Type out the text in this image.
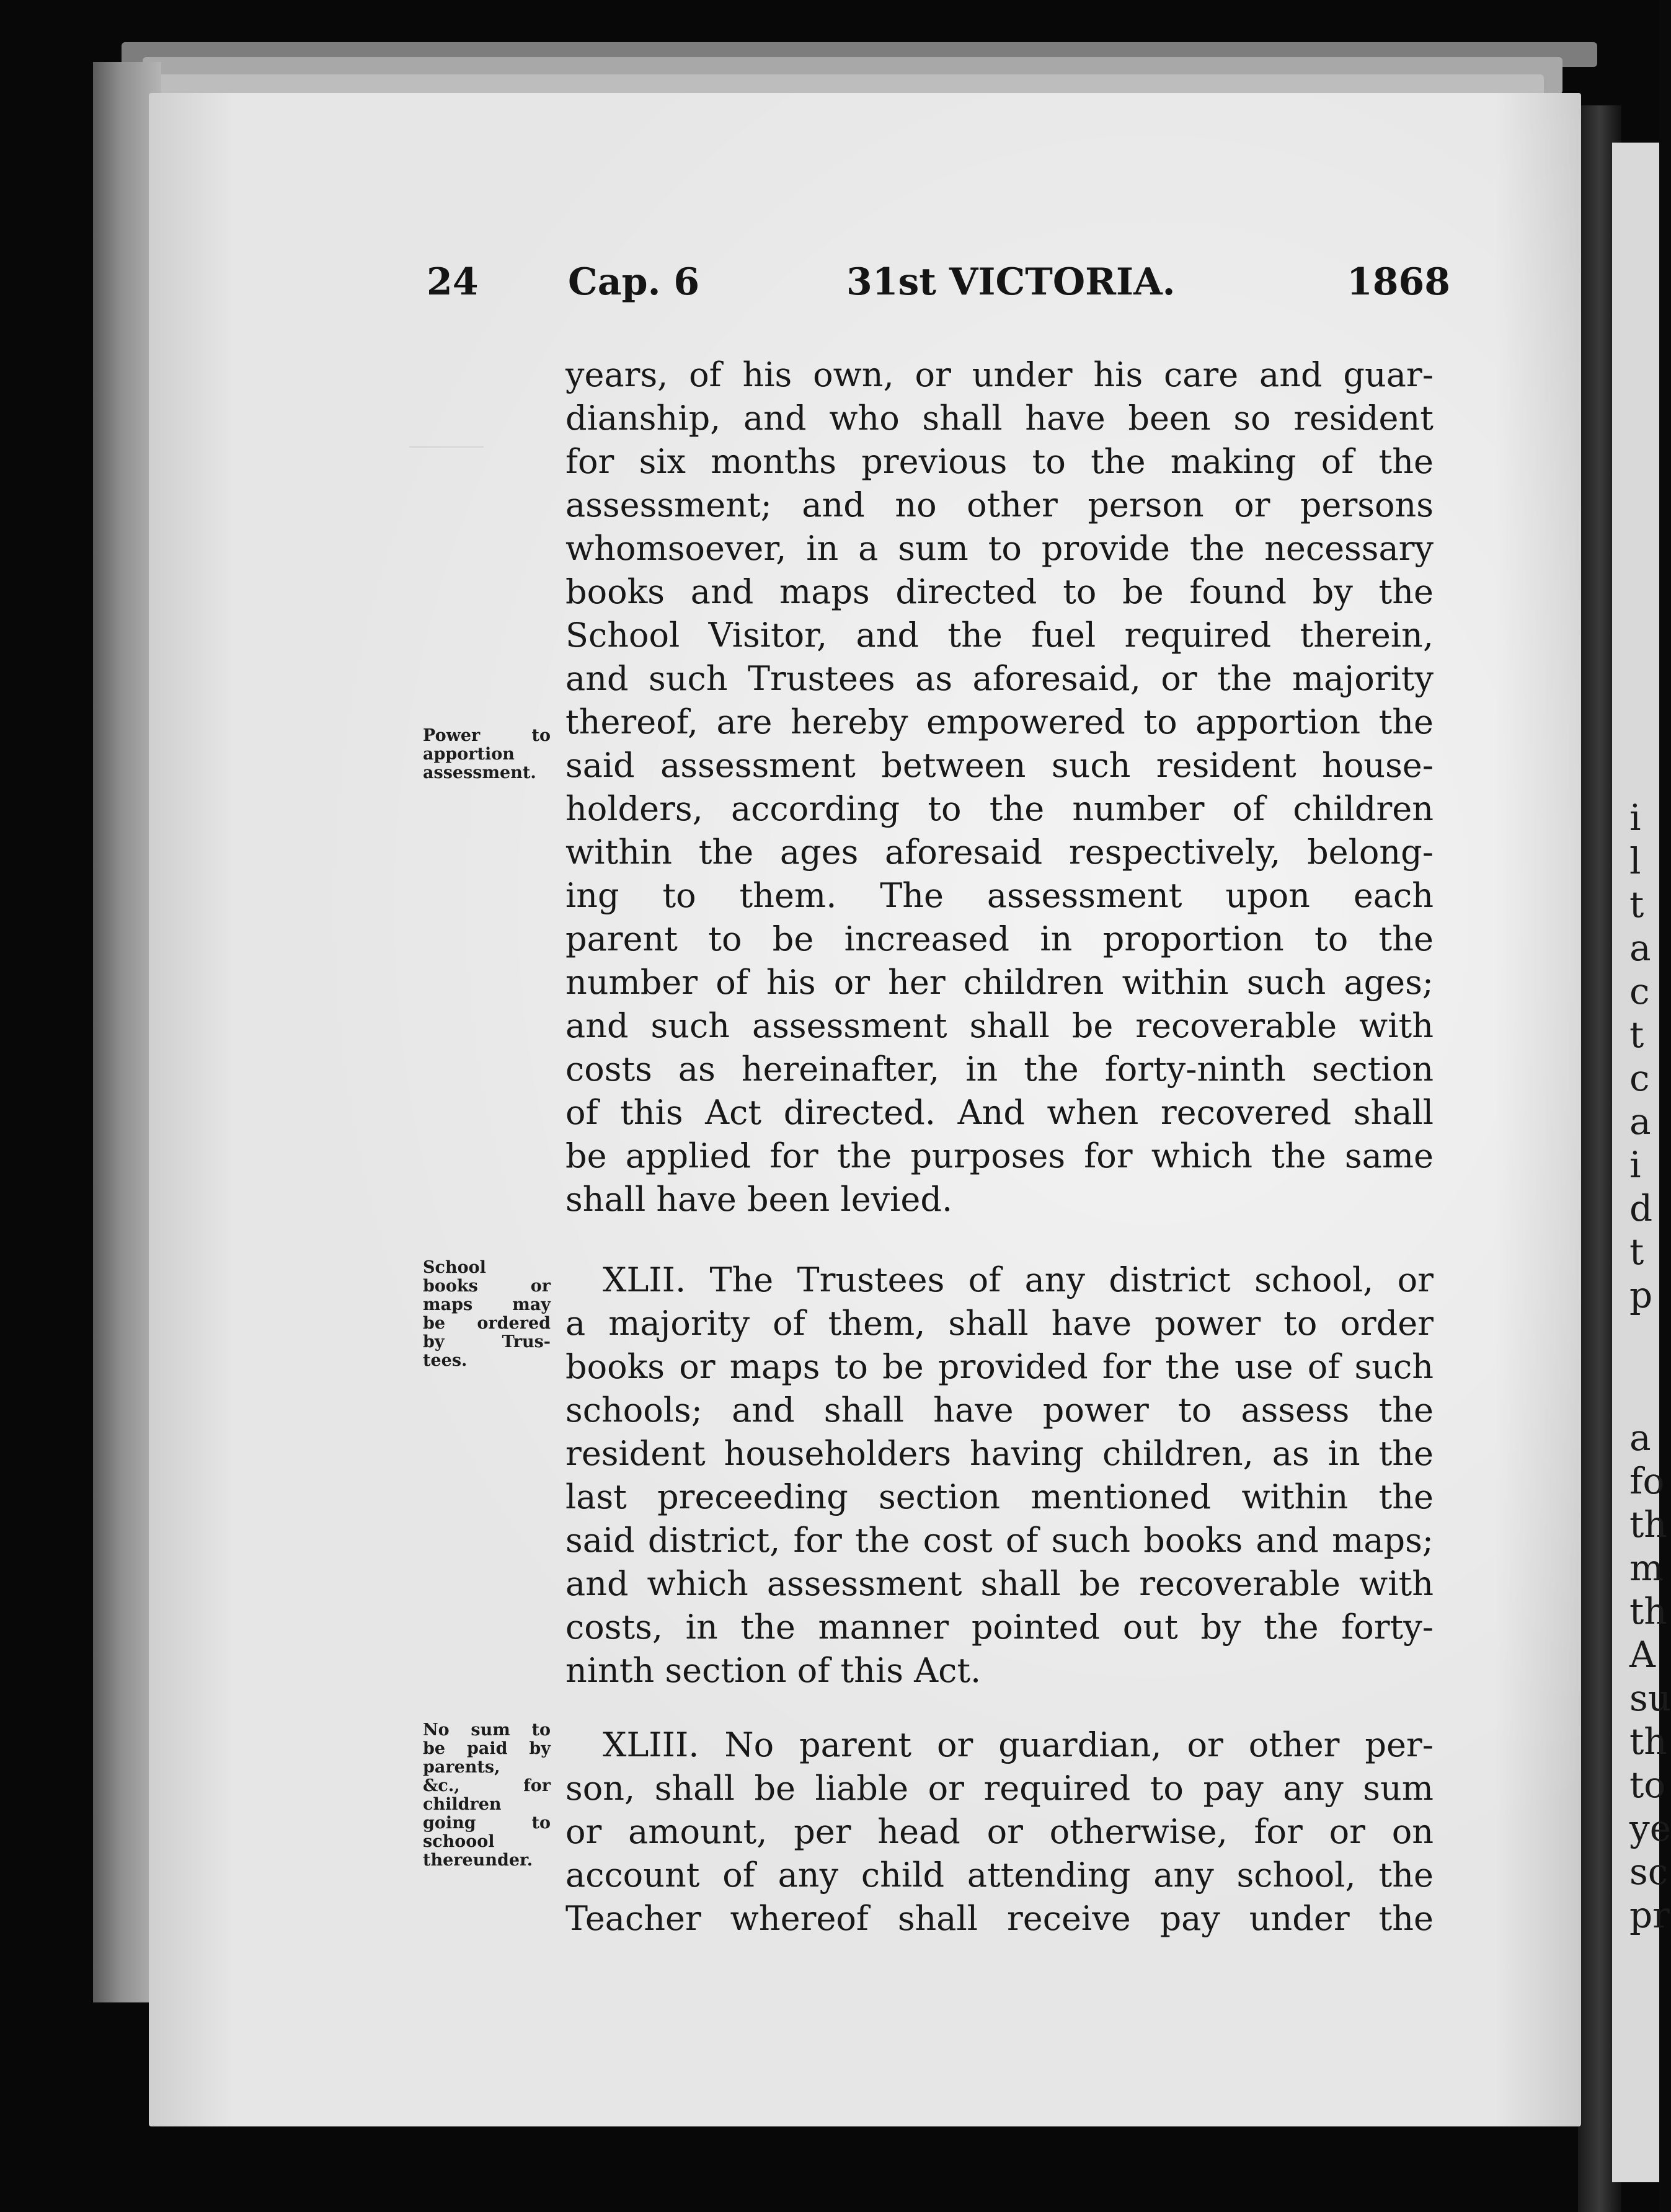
i
l
t
a
c
t
c
a
i
d
t
p
a
fo
th
m
th
A
su
th
to
ye
sc
pr
24 Cap. 6	31st VICTORIA.	1868
years, of his own, or under his care and guar-
dianship, and who shall have been so resident
for six months previous to the making of the
assessment; and no other person or persons
whomsoever, in a sum to provide the necessary
books and maps directed to be found by the
School Visitor, and the fuel required therein,
and such Trustees as aforesaid, or the majority
thereof, are hereby empowered to apportion the
said assessment between such resident house-
holders, according to the number of children
within the ages aforesaid respectively, belong-
ing to them. The assessment upon each
parent to be increased in proportion to the
number of his or her children within such ages;
and such assessment shall be recoverable with
costs as hereinafter, in the forty-ninth section
of this Act directed. And when recovered shall
be applied for the purposes for which the same
shall have been levied.
XLII. The Trustees of any district school, or
a majority of them, shall have power to order
books or maps to be provided for the use of such
schools; and shall have power to assess the
resident householders having children, as in the
last preceeding section mentioned within the
said district, for the cost of such books and maps;
and which assessment shall be recoverable with
costs, in the manner pointed out by the forty-
ninth section of this Act.
XLIII. No parent or guardian, or other per-
son, shall be liable or required to pay any sum
or amount, per head or otherwise, for or on
account of any child attending any school, the
Teacher whereof shall receive pay under the
Power to
apportion
assessment.
School
books or
maps may
be ordered
by Trus-
tees.
No sum to
be paid by
parents,
&c., for
children
going to
schoool
thereunder.
